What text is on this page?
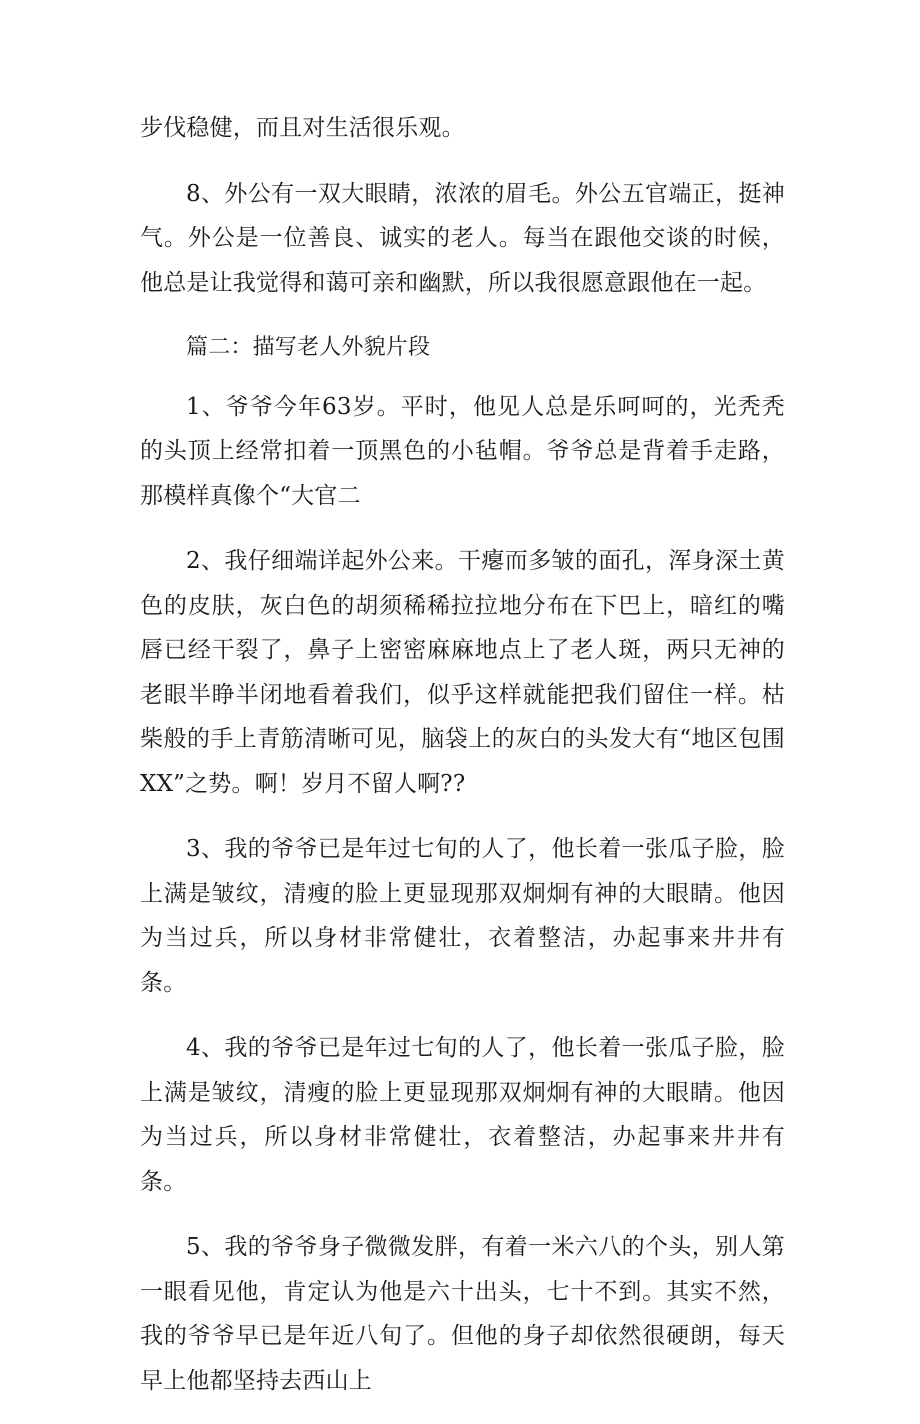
步伐稳健，而且对生活很乐观。

8、外公有一双大眼睛，浓浓的眉毛。外公五官端正，挺神气。外公是一位善良、诚实的老人。每当在跟他交谈的时候，他总是让我觉得和蔼可亲和幽默，所以我很愿意跟他在一起。

篇二：描写老人外貌片段

1、爷爷今年63岁。平时，他见人总是乐呵呵的，光秃秃的头顶上经常扣着一顶黑色的小毡帽。爷爷总是背着手走路，那模样真像个“大官二

2、我仔细端详起外公来。干瘪而多皱的面孔，浑身深土黄色的皮肤，灰白色的胡须稀稀拉拉地分布在下巴上，暗红的嘴唇已经干裂了，鼻子上密密麻麻地点上了老人斑，两只无神的老眼半睁半闭地看着我们，似乎这样就能把我们留住一样。枯柴般的手上青筋清晰可见，脑袋上的灰白的头发大有“地区包围XX”之势。啊！岁月不留人啊??

3、我的爷爷已是年过七旬的人了，他长着一张瓜子脸，脸上满是皱纹，清瘦的脸上更显现那双炯炯有神的大眼睛。他因为当过兵，所以身材非常健壮，衣着整洁，办起事来井井有条。

4、我的爷爷已是年过七旬的人了，他长着一张瓜子脸，脸上满是皱纹，清瘦的脸上更显现那双炯炯有神的大眼睛。他因为当过兵，所以身材非常健壮，衣着整洁，办起事来井井有条。

5、我的爷爷身子微微发胖，有着一米六八的个头，别人第一眼看见他，肯定认为他是六十出头，七十不到。其实不然，我的爷爷早已是年近八旬了。但他的身子却依然很硬朗，每天早上他都坚持去西山上
